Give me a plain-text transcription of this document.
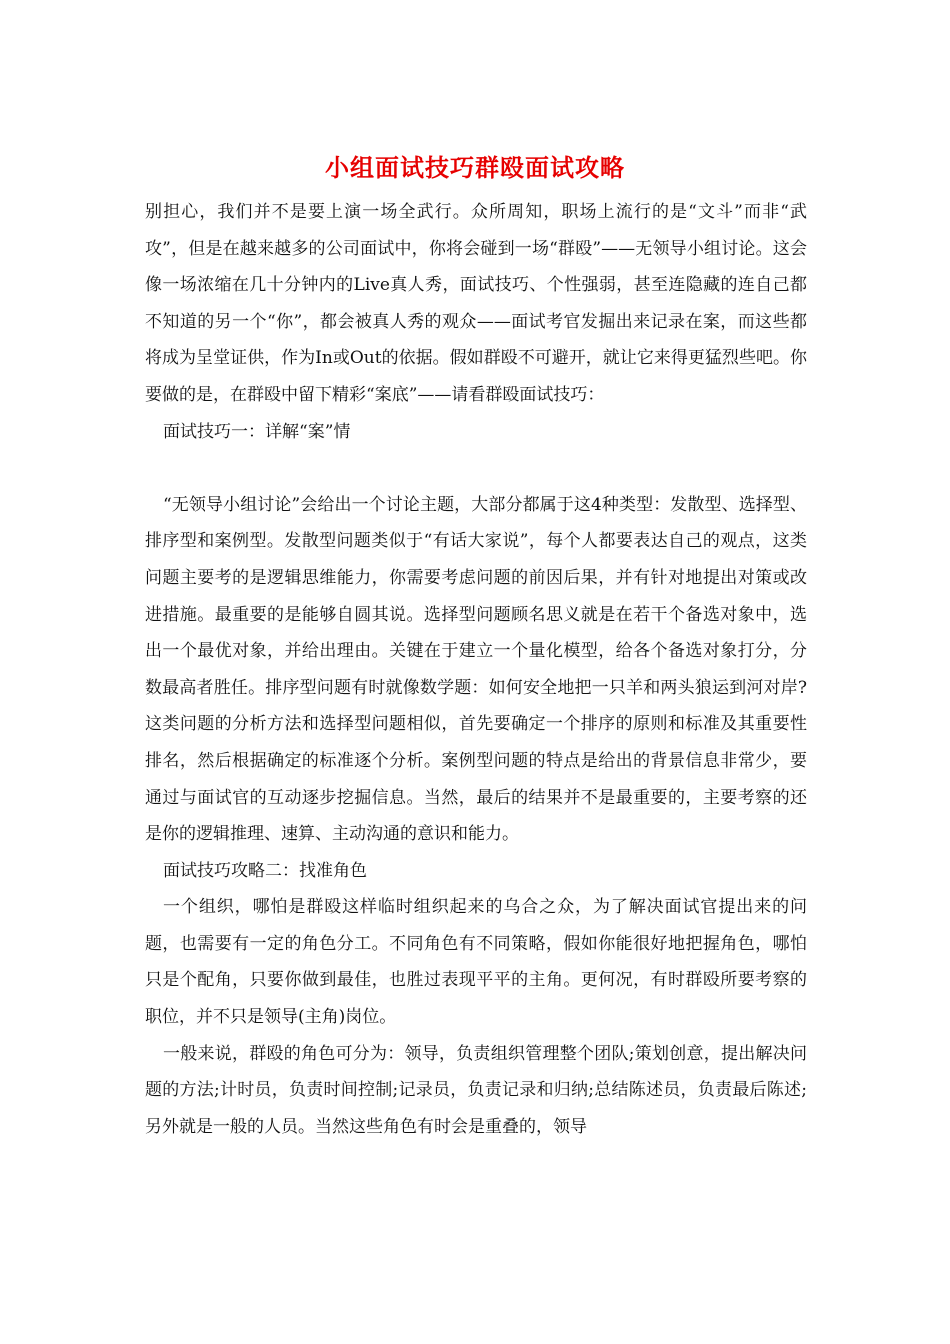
小组面试技巧群殴面试攻略

别担心，我们并不是要上演一场全武行。众所周知，职场上流行的是“文斗”而非“武攻”，但是在越来越多的公司面试中，你将会碰到一场“群殴”——无领导小组讨论。这会像一场浓缩在几十分钟内的Live真人秀，面试技巧、个性强弱，甚至连隐藏的连自己都不知道的另一个“你”，都会被真人秀的观众——面试考官发掘出来记录在案，而这些都将成为呈堂证供，作为In或Out的依据。假如群殴不可避开，就让它来得更猛烈些吧。你要做的是，在群殴中留下精彩“案底”——请看群殴面试技巧：

面试技巧一：详解“案”情

“无领导小组讨论”会给出一个讨论主题，大部分都属于这4种类型：发散型、选择型、排序型和案例型。发散型问题类似于“有话大家说”，每个人都要表达自己的观点，这类问题主要考的是逻辑思维能力，你需要考虑问题的前因后果，并有针对地提出对策或改进措施。最重要的是能够自圆其说。选择型问题顾名思义就是在若干个备选对象中，选出一个最优对象，并给出理由。关键在于建立一个量化模型，给各个备选对象打分，分数最高者胜任。排序型问题有时就像数学题：如何安全地把一只羊和两头狼运到河对岸?这类问题的分析方法和选择型问题相似，首先要确定一个排序的原则和标准及其重要性排名，然后根据确定的标准逐个分析。案例型问题的特点是给出的背景信息非常少，要通过与面试官的互动逐步挖掘信息。当然，最后的结果并不是最重要的，主要考察的还是你的逻辑推理、速算、主动沟通的意识和能力。

面试技巧攻略二：找准角色

一个组织，哪怕是群殴这样临时组织起来的乌合之众，为了解决面试官提出来的问题，也需要有一定的角色分工。不同角色有不同策略，假如你能很好地把握角色，哪怕只是个配角，只要你做到最佳，也胜过表现平平的主角。更何况，有时群殴所要考察的职位，并不只是领导(主角)岗位。

一般来说，群殴的角色可分为：领导，负责组织管理整个团队;策划创意，提出解决问题的方法;计时员，负责时间控制;记录员，负责记录和归纳;总结陈述员，负责最后陈述;另外就是一般的人员。当然这些角色有时会是重叠的，领导
